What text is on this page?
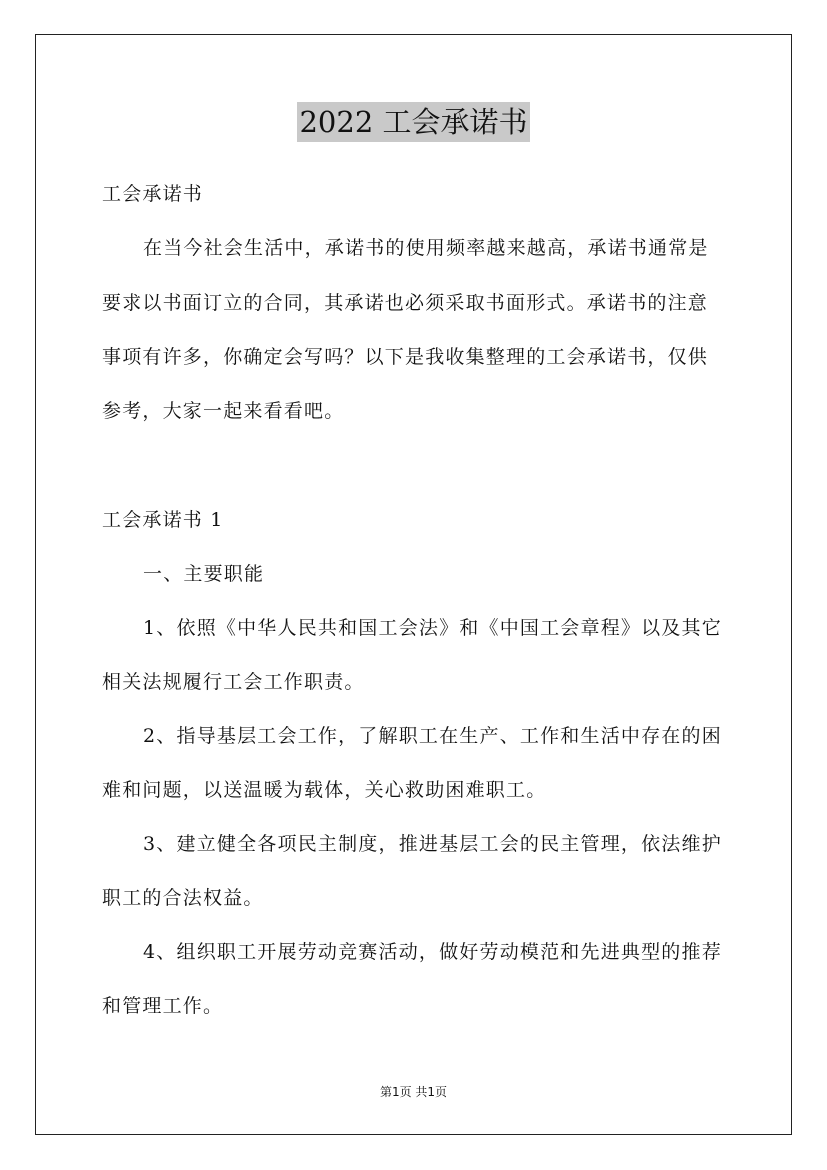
2022 工会承诺书
工会承诺书
在当今社会生活中，承诺书的使用频率越来越高，承诺书通常是
要求以书面订立的合同，其承诺也必须采取书面形式。承诺书的注意
事项有许多，你确定会写吗？以下是我收集整理的工会承诺书，仅供
参考，大家一起来看看吧。
工会承诺书 1
一、主要职能
1、依照《中华人民共和国工会法》和《中国工会章程》以及其它
相关法规履行工会工作职责。
2、指导基层工会工作，了解职工在生产、工作和生活中存在的困
难和问题，以送温暖为载体，关心救助困难职工。
3、建立健全各项民主制度，推进基层工会的民主管理，依法维护
职工的合法权益。
4、组织职工开展劳动竞赛活动，做好劳动模范和先进典型的推荐
和管理工作。
第1页 共1页
